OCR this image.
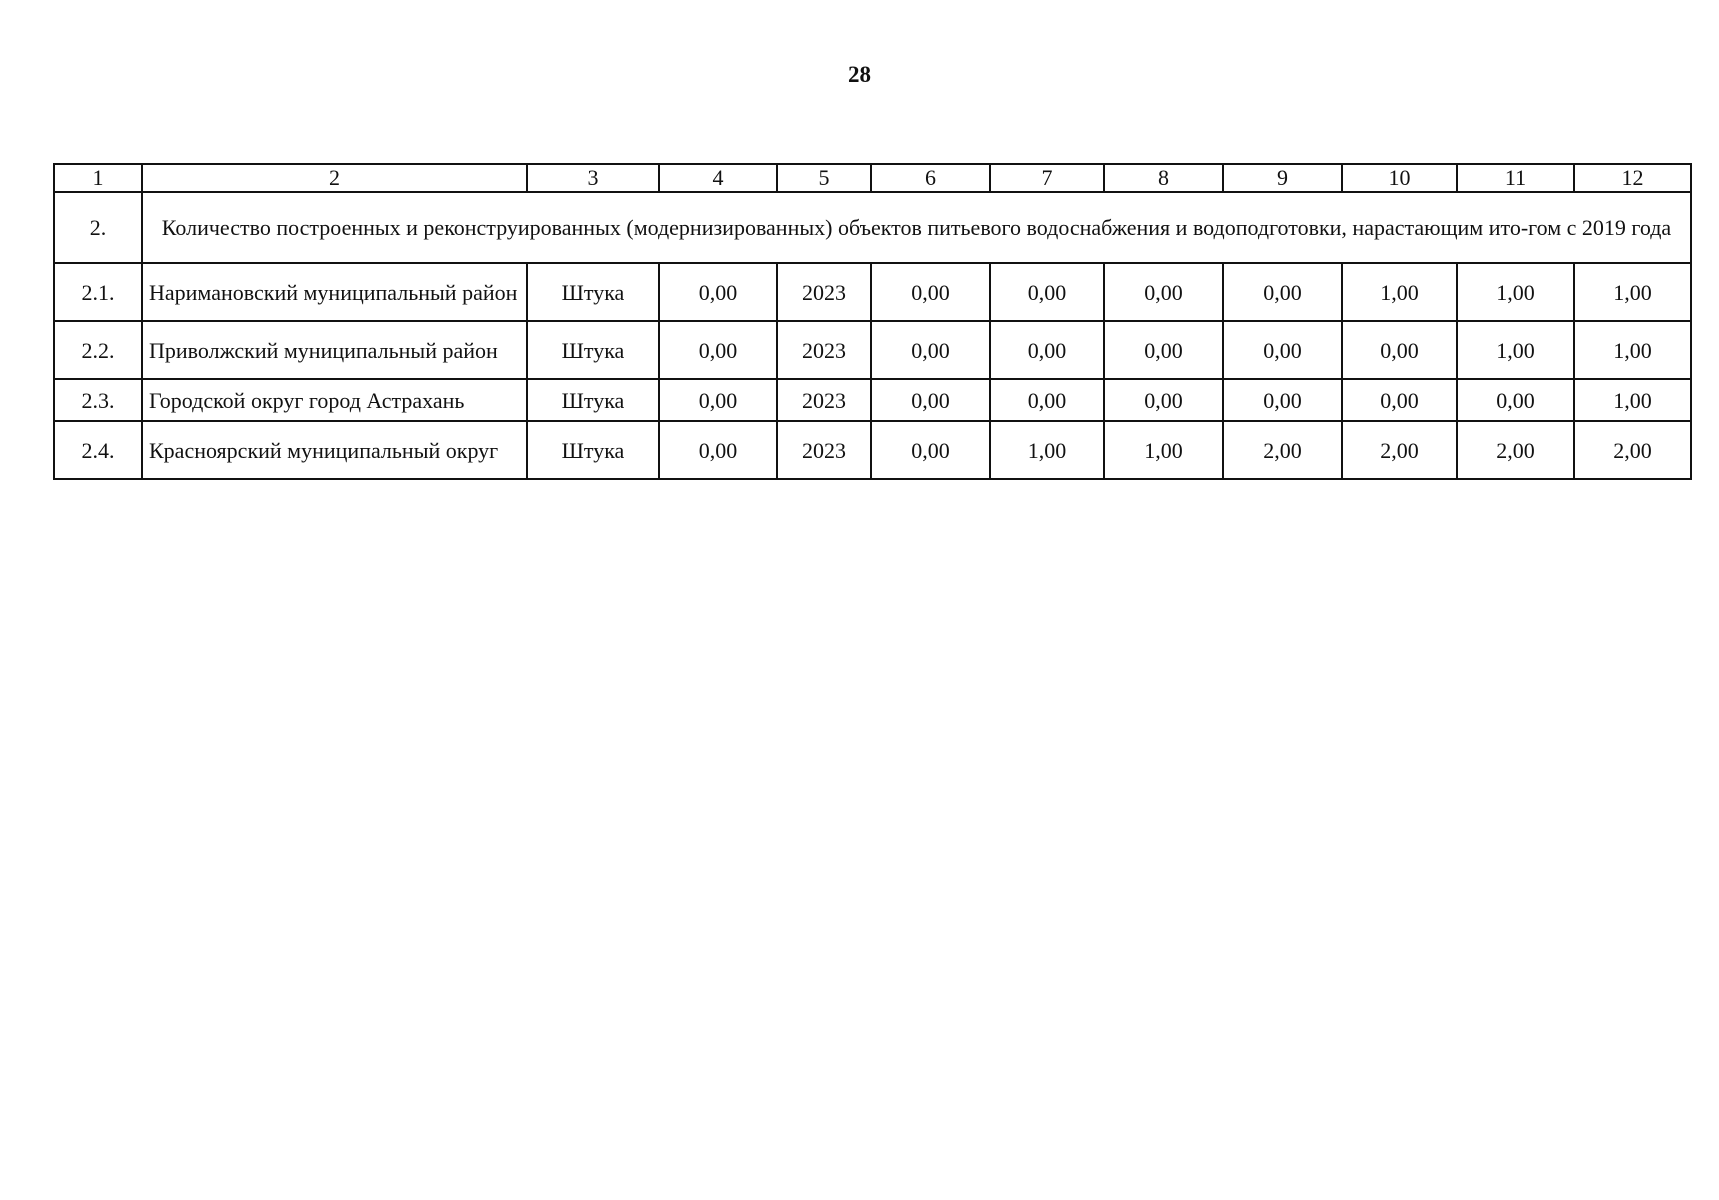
28
1	2	3	4	5	6	7	8	9	10	11	12
2.	Количество построенных и реконструированных (модернизированных) объектов питьевого водоснабжения и водоподготовки, нарастающим ито-гом с 2019 года										
2.1.	Наримановский муниципальный район	Штука	0,00	2023	0,00	0,00	0,00	0,00	1,00	1,00	1,00
2.2.	Приволжский муниципальный район	Штука	0,00	2023	0,00	0,00	0,00	0,00	0,00	1,00	1,00
2.3.	Городской округ город Астрахань	Штука	0,00	2023	0,00	0,00	0,00	0,00	0,00	0,00	1,00
2.4.	Красноярский муниципальный округ	Штука	0,00	2023	0,00	1,00	1,00	2,00	2,00	2,00	2,00
